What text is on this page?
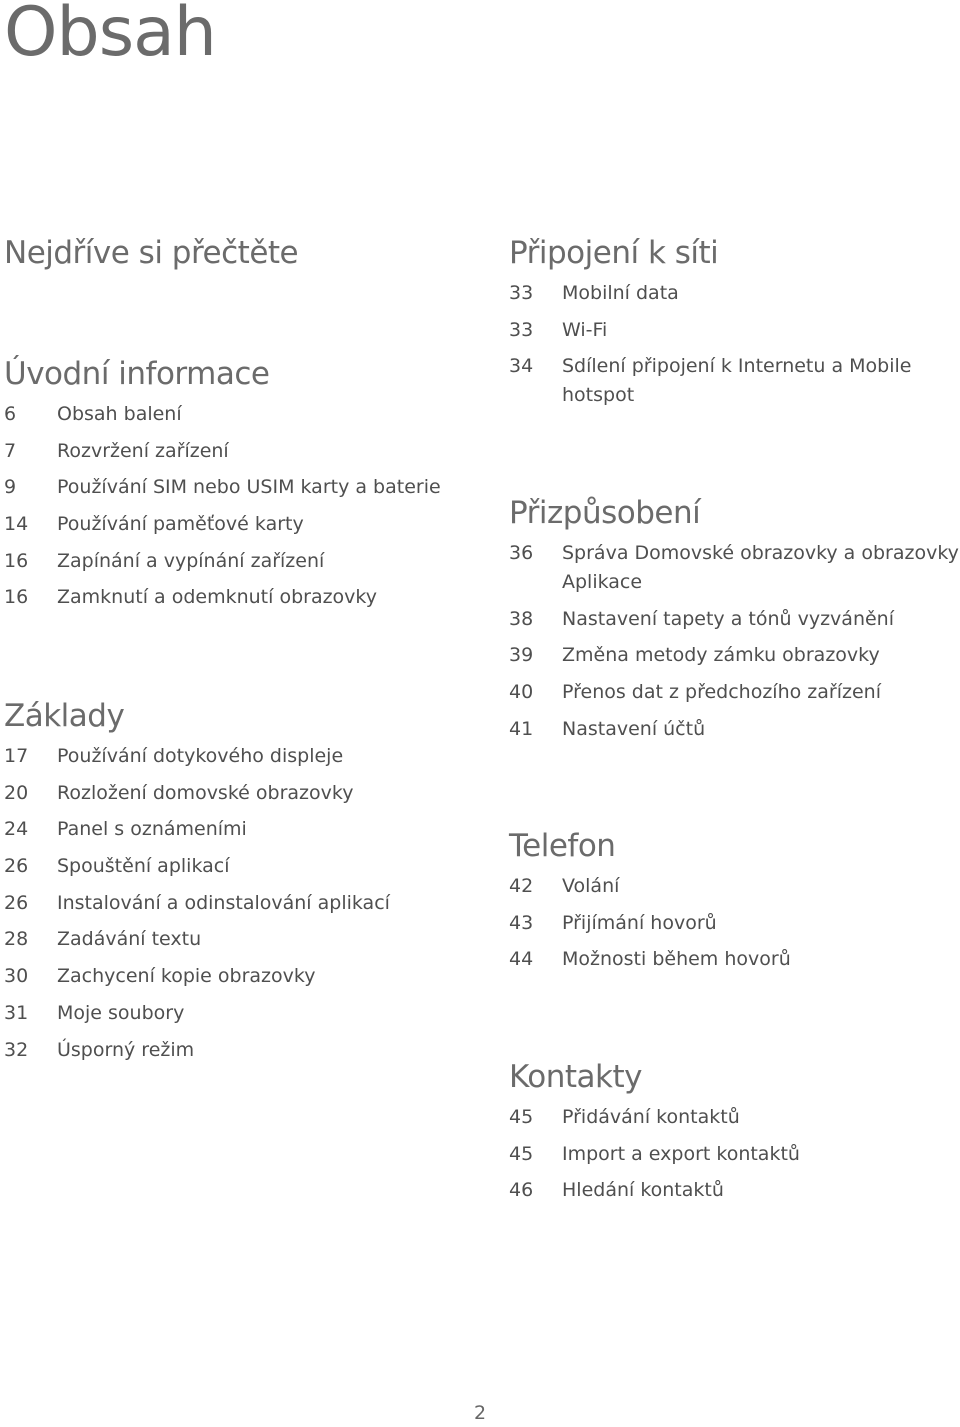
Obsah
Nejdříve si přečtěte
Úvodní informace
6	Obsah balení
7	Rozvržení zařízení
9	Používání SIM nebo USIM karty a baterie
14	Používání paměťové karty
16	Zapínání a vypínání zařízení
16	Zamknutí a odemknutí obrazovky
Základy
17	Používání dotykového displeje
20	Rozložení domovské obrazovky
24	Panel s oznámeními
26	Spouštění aplikací
26	Instalování a odinstalování aplikací
28	Zadávání textu
30	Zachycení kopie obrazovky
31	Moje soubory
32	Úsporný režim
Připojení k síti
33	Mobilní data
33	Wi-Fi
34	Sdílení připojení k Internetu a Mobile hotspot
Přizpůsobení
36	Správa Domovské obrazovky a obrazovky Aplikace
38	Nastavení tapety a tónů vyzvánění
39	Změna metody zámku obrazovky
40	Přenos dat z předchozího zařízení
41	Nastavení účtů
Telefon
42	Volání
43	Přijímání hovorů
44	Možnosti během hovorů
Kontakty
45	Přidávání kontaktů
45	Import a export kontaktů
46	Hledání kontaktů
2
